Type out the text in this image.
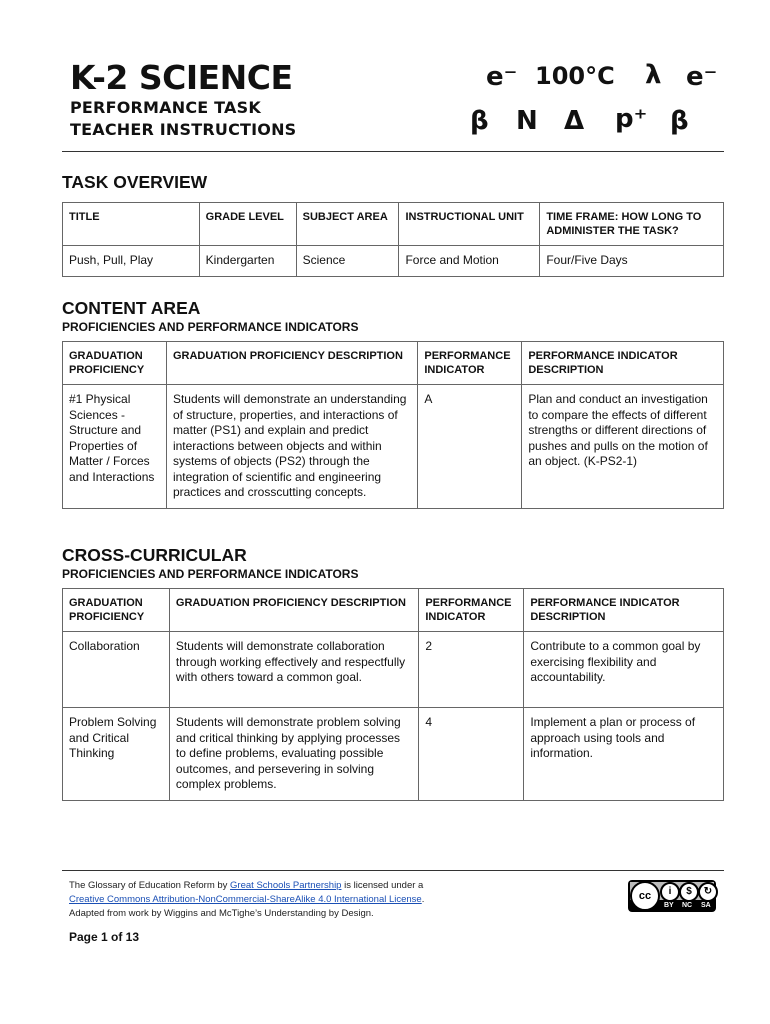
K-2 SCIENCE
PERFORMANCE TASK
TEACHER INSTRUCTIONS
e⁻ 100°C λ e⁻
β N Δ p⁺ β
TASK OVERVIEW
TITLE	GRADE LEVEL	SUBJECT AREA	INSTRUCTIONAL UNIT	TIME FRAME: HOW LONG TO ADMINISTER THE TASK?
Push, Pull, Play	Kindergarten	Science	Force and Motion	Four/Five Days
CONTENT AREA
PROFICIENCIES AND PERFORMANCE INDICATORS
GRADUATION PROFICIENCY	GRADUATION PROFICIENCY DESCRIPTION	PERFORMANCE INDICATOR	PERFORMANCE INDICATOR DESCRIPTION
#1 Physical Sciences - Structure and Properties of Matter / Forces and Interactions	Students will demonstrate an understanding of structure, properties, and interactions of matter (PS1) and explain and predict interactions between objects and within systems of objects (PS2) through the integration of scientific and engineering practices and crosscutting concepts.	A	Plan and conduct an investigation to compare the effects of different strengths or different directions of pushes and pulls on the motion of an object. (K-PS2-1)
CROSS-CURRICULAR
PROFICIENCIES AND PERFORMANCE INDICATORS
GRADUATION PROFICIENCY	GRADUATION PROFICIENCY DESCRIPTION	PERFORMANCE INDICATOR	PERFORMANCE INDICATOR DESCRIPTION
Collaboration	Students will demonstrate collaboration through working effectively and respectfully with others toward a common goal.	2	Contribute to a common goal by exercising flexibility and accountability.
Problem Solving and Critical Thinking	Students will demonstrate problem solving and critical thinking by applying processes to define problems, evaluating possible outcomes, and persevering in solving complex problems.	4	Implement a plan or process of approach using tools and information.
The Glossary of Education Reform by Great Schools Partnership is licensed under a
Creative Commons Attribution-NonCommercial-ShareAlike 4.0 International License.
Adapted from work by Wiggins and McTighe’s Understanding by Design.
cc	i	$	↻
BY NC SA
Page 1 of 13
